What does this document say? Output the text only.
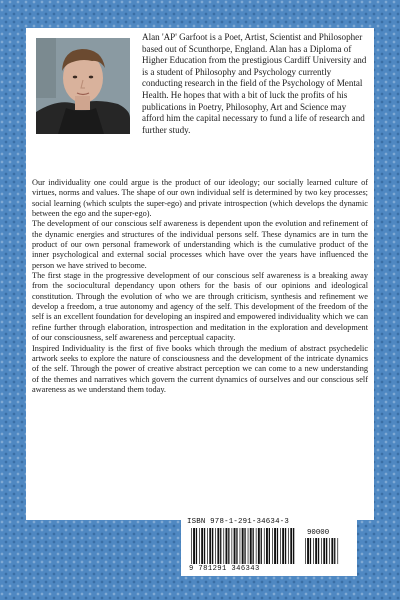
Alan 'AP' Garfoot is a Poet, Artist, Scientist and Philosopher based out of Scunthorpe, England. Alan has a Diploma of Higher Education from the prestigious Cardiff University and is a student of Philosophy and Psychology currently conducting research in the field of the Psychology of Mental Health. He hopes that with a bit of luck the profits of his publications in Poetry, Philosophy, Art and Science may afford him the capital necessary to fund a life of research and further study.

Our individuality one could argue is the product of our ideology; our socially learned culture of virtues, norms and values. The shape of our own individual self is determined by two key processes; social learning (which sculpts the super-ego) and private introspection (which develops the dynamic between the ego and the super-ego).

The development of our conscious self awareness is dependent upon the evolution and refinement of the dynamic energies and structures of the individual persons self. These dynamics are in turn the product of our own personal framework of understanding which is the cumulative product of the inner psychological and external social processes which have over the years have influenced the person we have strived to become.

The first stage in the progressive development of our conscious self awareness is a breaking away from the sociocultural dependancy upon others for the basis of our opinions and ideological constitution. Through the evolution of who we are through criticism, synthesis and refinement we develop a freedom, a true autonomy and agency of the self. This development of the freedom of the self is an excellent foundation for developing an inspired and empowered individuality which we can refine further through elaboration, introspection and meditation in the exploration and development of our consciousness, self awareness and perceptual capacity.

Inspired Individuality is the first of five books which through the medium of abstract psychedelic artwork seeks to explore the nature of consciousness and the development of the intricate dynamics of the self. Through the power of creative abstract perception we can come to a new understanding of the themes and narratives which govern the current dynamics of ourselves and our conscious self awareness as we understand them today.

ISBN 978-1-291-34634-3

90000

9 781291 346343
